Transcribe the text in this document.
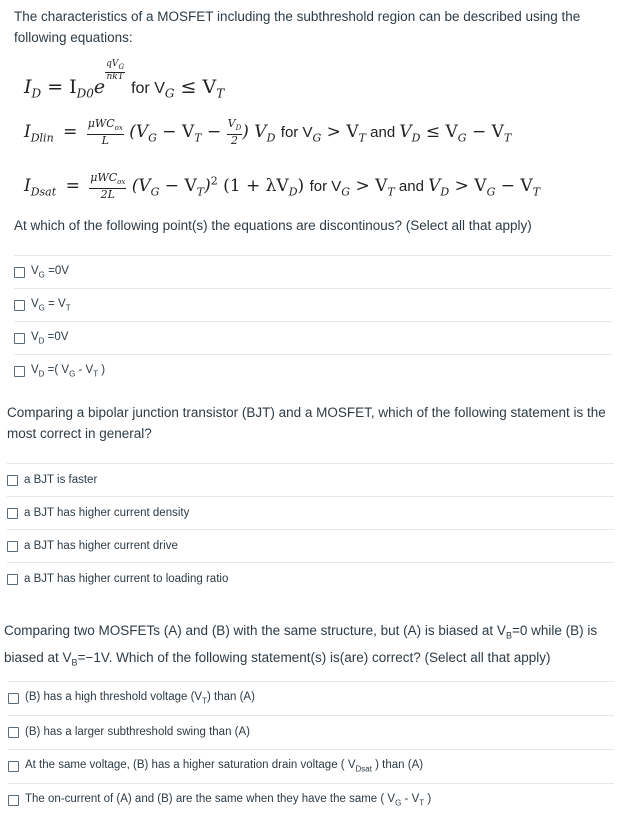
The characteristics of a MOSFET including the subthreshold region can be described using the following equations:

$I_D = I_{D0}e$
$\frac{qV_G}{\text{nkT}}$
for $V_G \le V_T$
$I_{Dlin} = \frac{\mu WC_{ox}}{L} (V_G - V_T - \frac{V_D}{2}$ ) $V_D$ for $V_G > V_T$ and $V_D \le V_G - V_T$
$I_{Dsat} = \frac{\mu WC_{ox}}{2L} (V_G - V_T)^2$ $(1 + \lambda V_D)$ for $V_G > V_T$ and $V_D > V_G - V_T$

At which of the following point(s) the equations are discontinous? (Select all that apply)

$V_G =0V$
$V_G = V_T$
$V_D =0V$
$V_D$ =( $V_G - V_T$ )

Comparing a bipolar junction transistor (BJT) and a MOSFET, which of the following statement is the most correct in general?

a BJT is faster
a BJT has higher current density
a BJT has higher current drive
a BJT has higher current to loading ratio

Comparing two MOSFETs (A) and (B) with the same structure, but (A) is biased at $V_B=0$ while (B) is biased at $V_B=-1V$. Which of the following statement(s) is(are) correct? (Select all that apply)

(B) has a high threshold voltage $(V_T)$ than (A)
(B) has a larger subthreshold swing than (A)
At the same voltage, (B) has a higher saturation drain voltage ( $V_{Dsat}$ ) than (A)
The on-current of (A) and (B) are the same when they have the same ( $V_G - V_T$ )
